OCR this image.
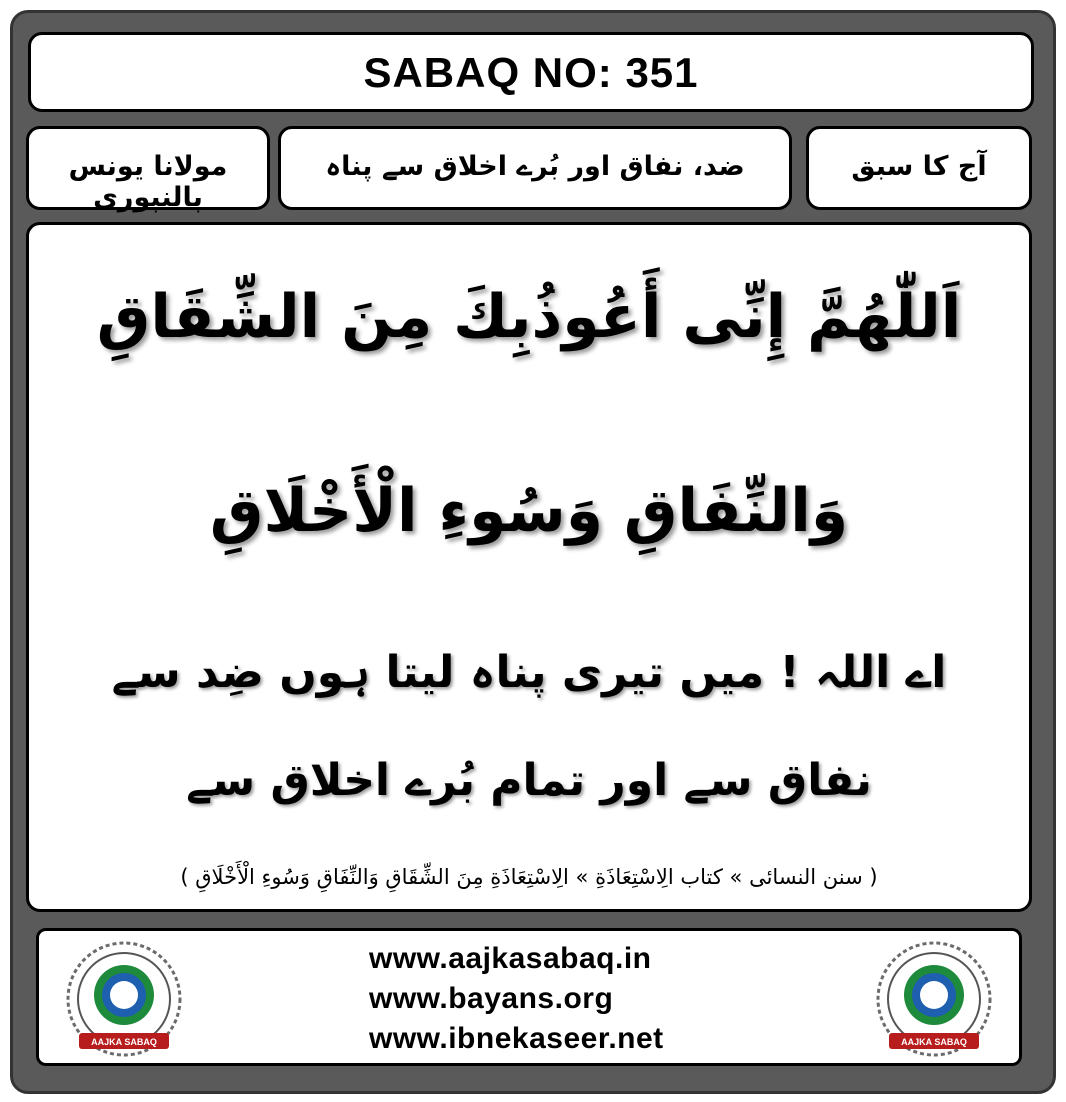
SABAQ NO: 351
مولانا یونس پالنپوری
ضد، نفاق اور بُرے اخلاق سے پناہ	آج کا سبق
اَللّٰھُمَّ إِنِّی أَعُوذُبِكَ مِنَ الشِّقَاقِ
وَالنِّفَاقِ وَسُوءِ الْأَخْلَاقِ
اے اللہ ! میں تیری پناہ لیتا ہوں ضِد سے
نفاق سے اور تمام بُرے اخلاق سے
( سنن النسائی » كتاب الِاسْتِعَاذَةِ » الِاسْتِعَاذَةِ مِنَ الشِّقَاقِ وَالنِّفَاقِ وَسُوءِ الْأَخْلَاقِ )
AAJKA SABAQ
www.aajkasabaq.in
www.bayans.org
www.ibnekaseer.net	AAJKA SABAQ
